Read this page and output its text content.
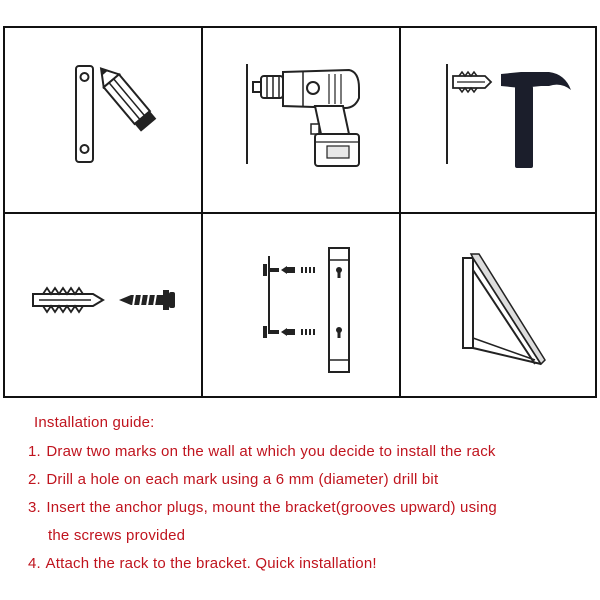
Installation guide:
1. Draw two marks on the wall at which you decide to install the rack
2. Drill a hole on each mark using a 6 mm (diameter) drill bit
3. Insert the anchor plugs, mount the bracket(grooves upward) using
the screws provided
4. Attach the rack to the bracket. Quick installation!
